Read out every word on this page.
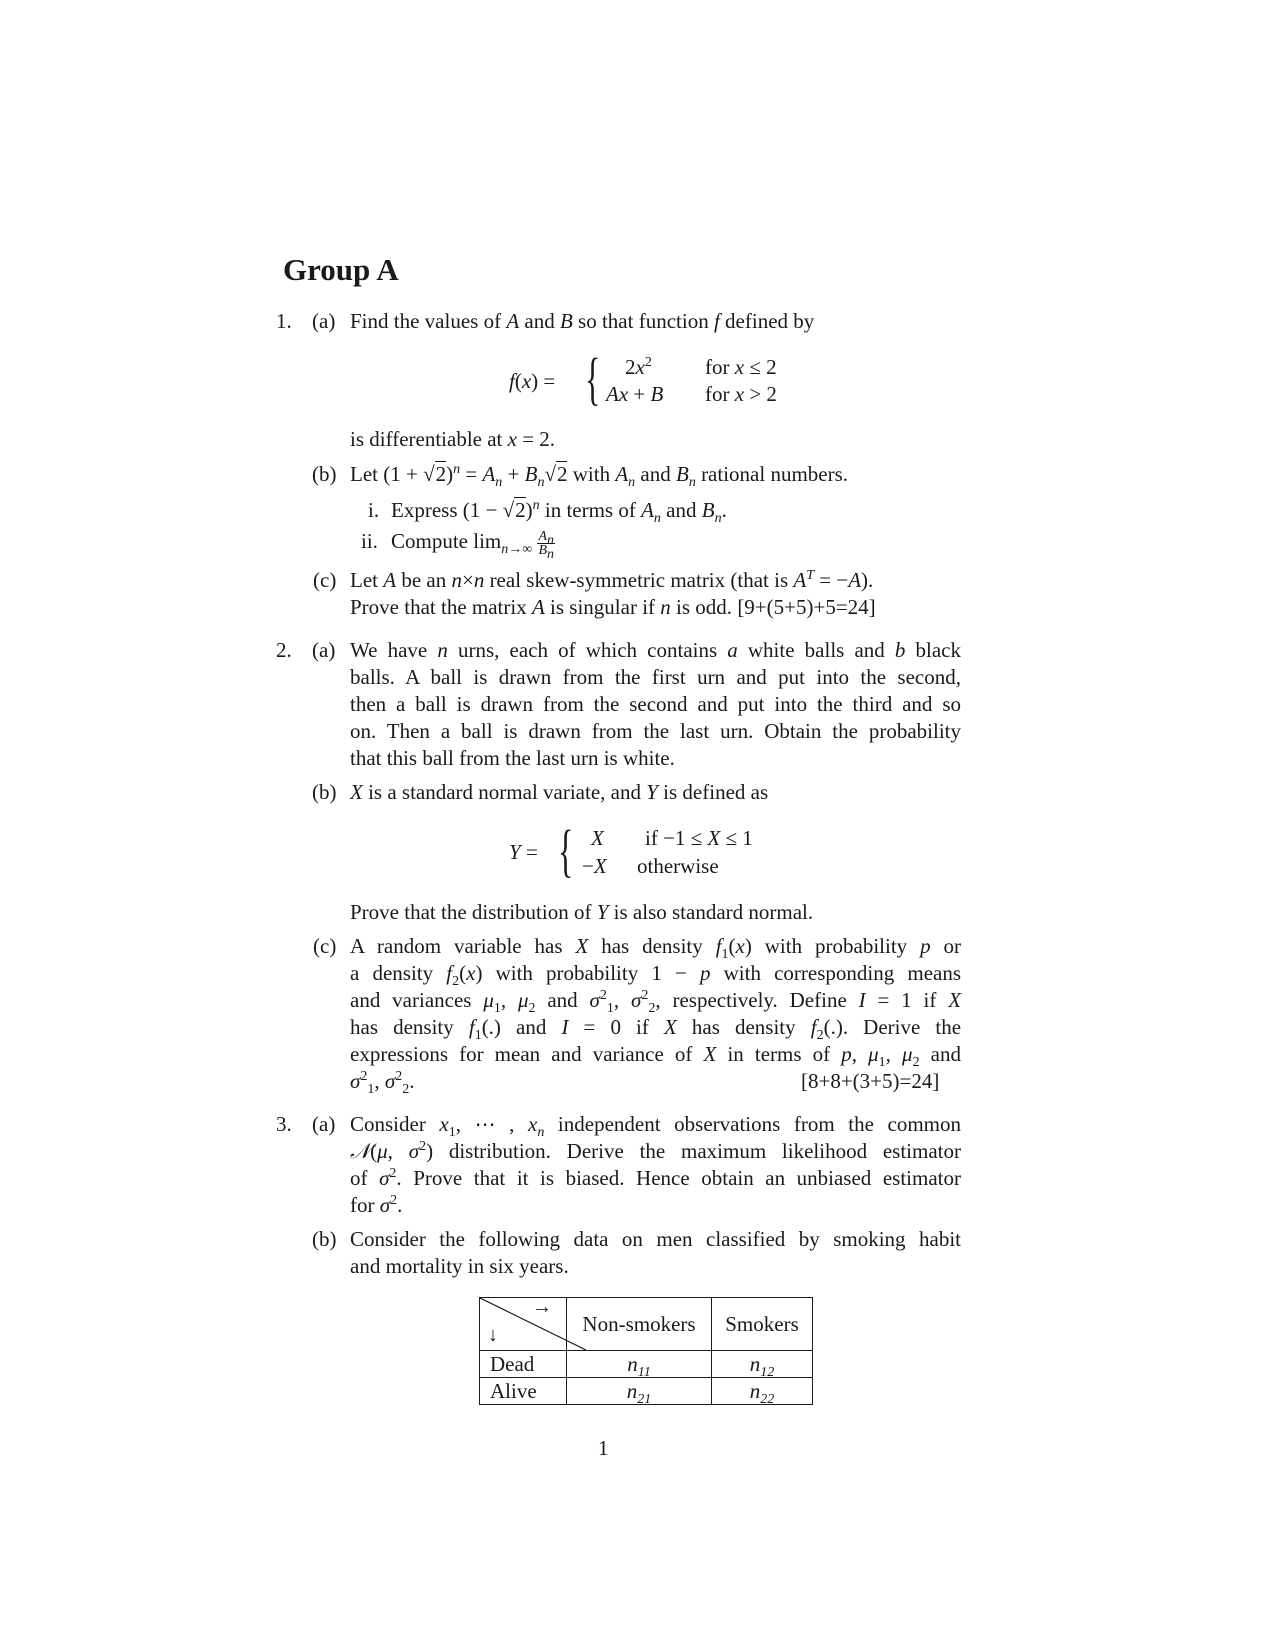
Group A
1. (a) Find the values of A and B so that function f defined by
f(x) = { $2x^2$	for x ≤ 2
Ax + B for x > 2
is differentiable at x = 2.
(b) Let $(1 + √2)^n = A_n + B_n√2$ with $A_n$ and $B_n$ rational numbers.
i. Express $(1 - √2)^n$ in terms of $A_n$ and $B_n$.
ii. Compute $\lim_{n\to\infty} \frac{A_n}{B_n}$
(c) Let A be an n×n real skew-symmetric matrix (that is $A^T = -A$).
Prove that the matrix A is singular if n is odd. [9+(5+5)+5=24]
2. (a) We have n urns, each of which contains a white balls and b black
balls. A ball is drawn from the first urn and put into the second,
then a ball is drawn from the second and put into the third and so
on. Then a ball is drawn from the last urn. Obtain the probability
that this ball from the last urn is white.
(b) X is a standard normal variate, and Y is defined as
Y = { X if −1 ≤ X ≤ 1
−X otherwise
Prove that the distribution of Y is also standard normal.
(c) A random variable has X has density $f_1(x)$ with probability p or
a density $f_2(x)$ with probability 1 − p with corresponding means
and variances $\mu_1$, $\mu_2$ and $\sigma^2_1$, $\sigma^2_2$, respectively. Define I = 1 if X
has density $f_1(.)$ and I = 0 if X has density $f_2(.)$. Derive the
expressions for mean and variance of X in terms of p, $\mu_1$, $\mu_2$ and
$\sigma^2_1$, $\sigma^2_2$.	[8+8+(3+5)=24]
3. (a) Consider $x_1$, ⋯ , $x_n$ independent observations from the common
𝒩(μ, $\sigma^2$) distribution. Derive the maximum likelihood estimator
of $\sigma^2$. Prove that it is biased. Hence obtain an unbiased estimator
for $\sigma^2$.
(b) Consider the following data on men classified by smoking habit
and mortality in six years.
→
↓	Non-smokers	Smokers
Dead	$n_{11}$	$n_{12}$
Alive	$n_{21}$	$n_{22}$
1
